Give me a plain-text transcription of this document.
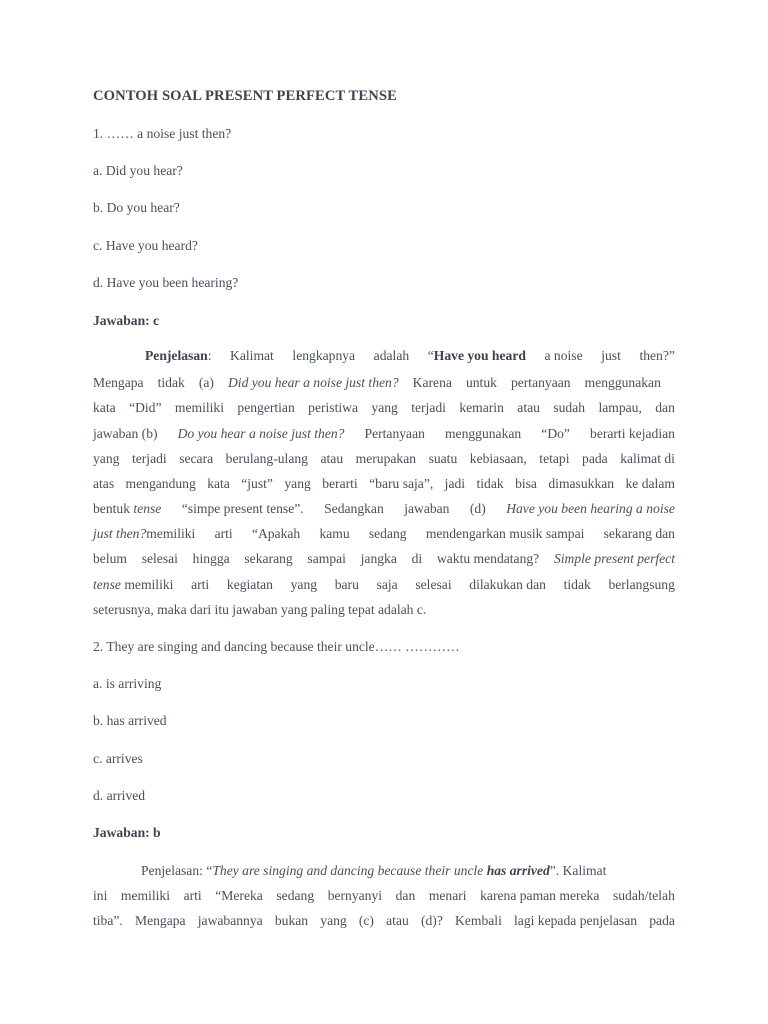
CONTOH SOAL PRESENT PERFECT TENSE
1. …… a noise just then?
a. Did you hear?
b. Do you hear?
c. Have you heard?
d. Have you been hearing?
Jawaban: c
Penjelasan: Kalimat lengkapnya adalah “Have you heard a noise just then?”
Mengapa tidak (a) Did you hear a noise just then? Karena untuk pertanyaan menggunakan
kata “Did” memiliki pengertian peristiwa yang terjadi kemarin atau sudah lampau, dan
jawaban (b) Do you hear a noise just then? Pertanyaan menggunakan “Do” berarti kejadian
yang terjadi secara berulang-ulang atau merupakan suatu kebiasaan, tetapi pada kalimat di
atas mengandung kata “just” yang berarti “baru saja”, jadi tidak bisa dimasukkan ke dalam
bentuk tense “simpe present tense”. Sedangkan jawaban (d) Have you been hearing a noise
just then?memiliki arti “Apakah kamu sedang mendengarkan musik sampai sekarang dan
belum selesai hingga sekarang sampai jangka di waktu mendatang? Simple present perfect
tense memiliki arti kegiatan yang baru saja selesai dilakukan dan tidak berlangsung
seterusnya, maka dari itu jawaban yang paling tepat adalah c.
2. They are singing and dancing because their uncle…… …………
a. is arriving
b. has arrived
c. arrives
d. arrived
Jawaban: b
Penjelasan: “They are singing and dancing because their uncle has arrived”. Kalimat
ini memiliki arti “Mereka sedang bernyanyi dan menari karena paman mereka sudah/telah
tiba”. Mengapa jawabannya bukan yang (c) atau (d)? Kembali lagi kepada penjelasan pada
